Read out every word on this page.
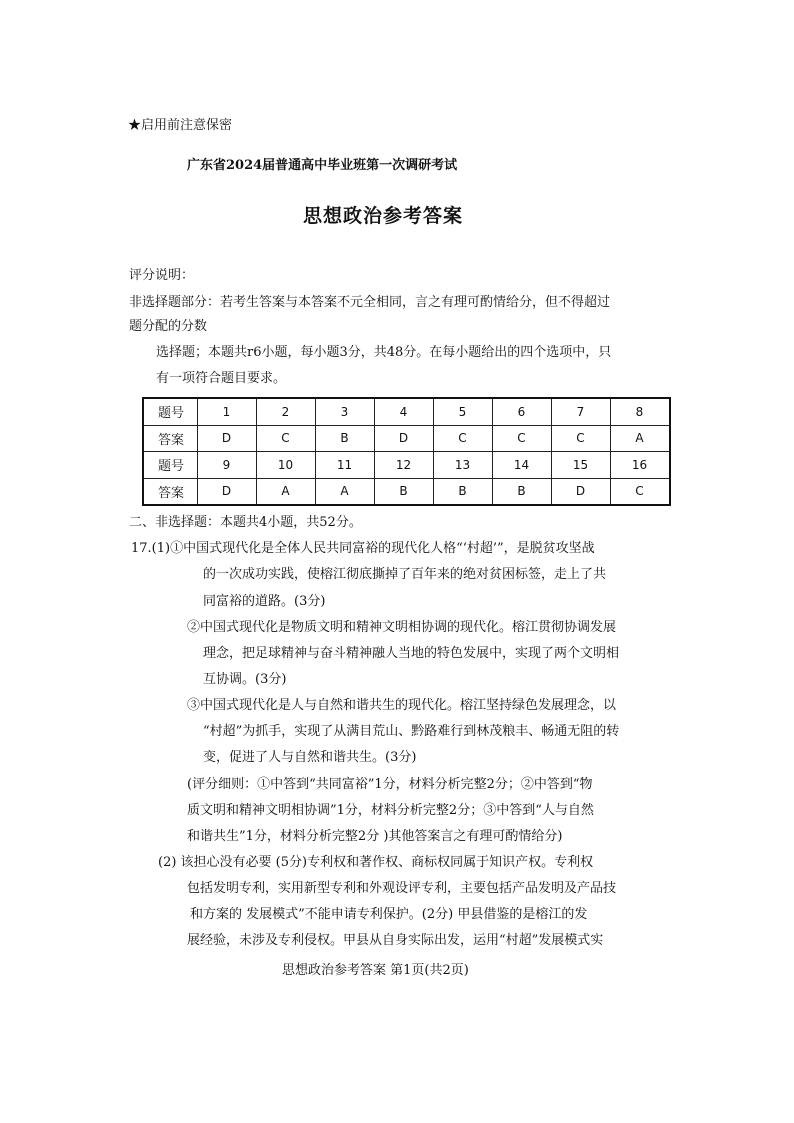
★启用前注意保密
广东省2024届普通高中毕业班第一次调研考试
思想政治参考答案
评分说明：
非选择题部分：若考生答案与本答案不元全相同，言之有理可酌情给分，但不得超过
题分配的分数
选择题；本题共r6小题，每小题3分，共48分。在每小题给出的四个选项中，只
有一项符合题目要求。
题号	1	2	3	4	5	6	7	8
答案	D	C	B	D	C	C	C	A
题号	9	10	11	12	13	14	15	16
答案	D	A	A	B	B	B	D	C
二、非选择题：本题共4小题，共52分。
17.(1)①中国式现代化是全体人民共同富裕的现代化人格“‘村超’”，是脱贫攻坚战
的一次成功实践，使榕江彻底撕掉了百年来的绝对贫困标签，走上了共
同富裕的道路。(3分)
②中国式现代化是物质文明和精神文明相协调的现代化。榕江贯彻协调发展
理念，把足球精神与奋斗精神融人当地的特色发展中，实现了两个文明相
互协调。(3分)
③中国式现代化是人与自然和谐共生的现代化。榕江坚持绿色发展理念，以
“村超”为抓手，实现了从满目荒山、黔路难行到林茂粮丰、畅通无阻的转
变，促进了人与自然和谐共生。(3分)
(评分细则：①中答到“共同富裕”1分，材料分析完整2分；②中答到“物
质文明和精神文明相协调”1分，材料分析完整2分；③中答到“人与自然
和谐共生”1分，材料分析完整2分 )其他答案言之有理可酌情给分)
(2) 该担心没有必要 (5分)专利权和著作权、商标权同属于知识产权。专利权
包括发明专利，实用新型专利和外观设评专利，主要包括产品发明及产品技
和方案的 发展模式”不能申请专利保护。(2分) 甲县借鉴的是榕江的发
展经验，未涉及专利侵权。甲县从自身实际出发，运用“村超”发展模式实
思想政治参考答案 第1页(共2页)
